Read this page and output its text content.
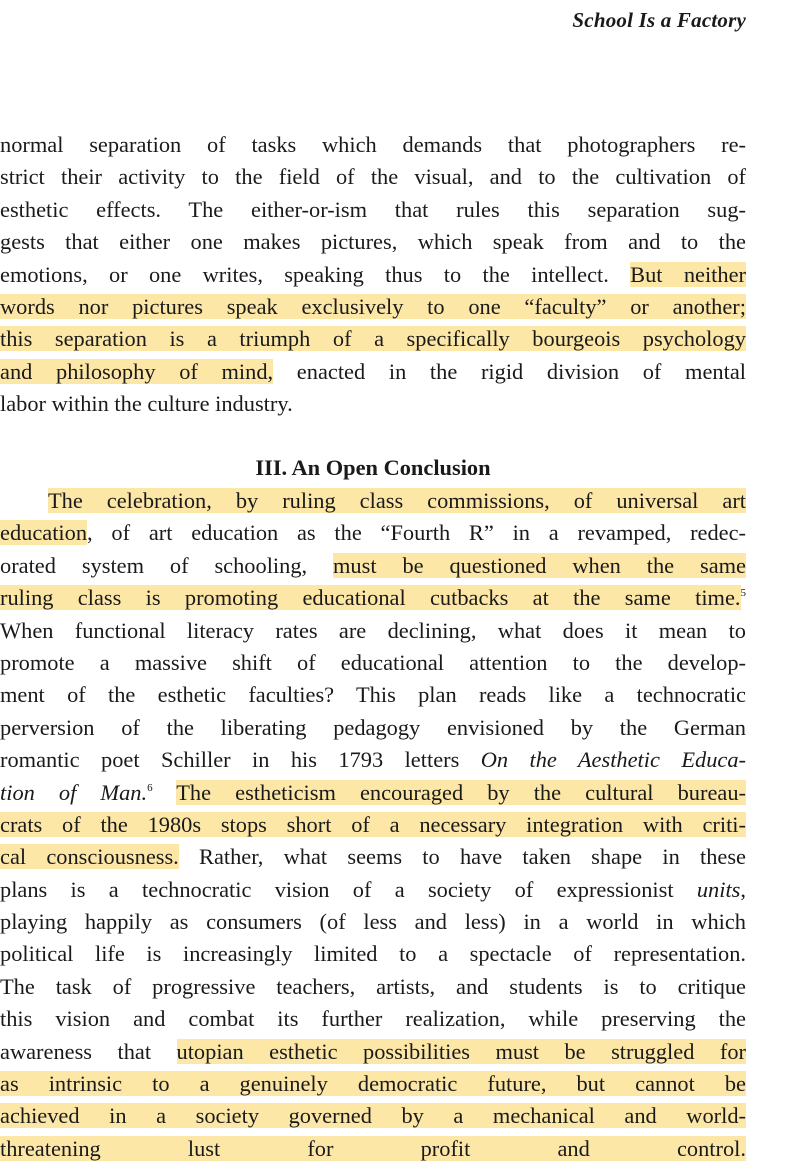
School Is a Factory
normal separation of tasks which demands that photographers re-
strict their activity to the field of the visual, and to the cultivation of
esthetic effects. The either-or-ism that rules this separation sug-
gests that either one makes pictures, which speak from and to the
emotions, or one writes, speaking thus to the intellect. But neither
words nor pictures speak exclusively to one “faculty” or another;
this separation is a triumph of a specifically bourgeois psychology
and philosophy of mind, enacted in the rigid division of mental
labor within the culture industry.
III. An Open Conclusion
The celebration, by ruling class commissions, of universal art
education, of art education as the “Fourth R” in a revamped, redec-
orated system of schooling, must be questioned when the same
ruling class is promoting educational cutbacks at the same time.$^5$
When functional literacy rates are declining, what does it mean to
promote a massive shift of educational attention to the develop-
ment of the esthetic faculties? This plan reads like a technocratic
perversion of the liberating pedagogy envisioned by the German
romantic poet Schiller in his 1793 letters On the Aesthetic Educa-
tion of Man.$^6$ The estheticism encouraged by the cultural bureau-
crats of the 1980s stops short of a necessary integration with criti-
cal consciousness. Rather, what seems to have taken shape in these
plans is a technocratic vision of a society of expressionist units,
playing happily as consumers (of less and less) in a world in which
political life is increasingly limited to a spectacle of representation.
The task of progressive teachers, artists, and students is to critique
this vision and combat its further realization, while preserving the
awareness that utopian esthetic possibilities must be struggled for
as intrinsic to a genuinely democratic future, but cannot be
achieved in a society governed by a mechanical and world-
threatening lust for profit and control.
